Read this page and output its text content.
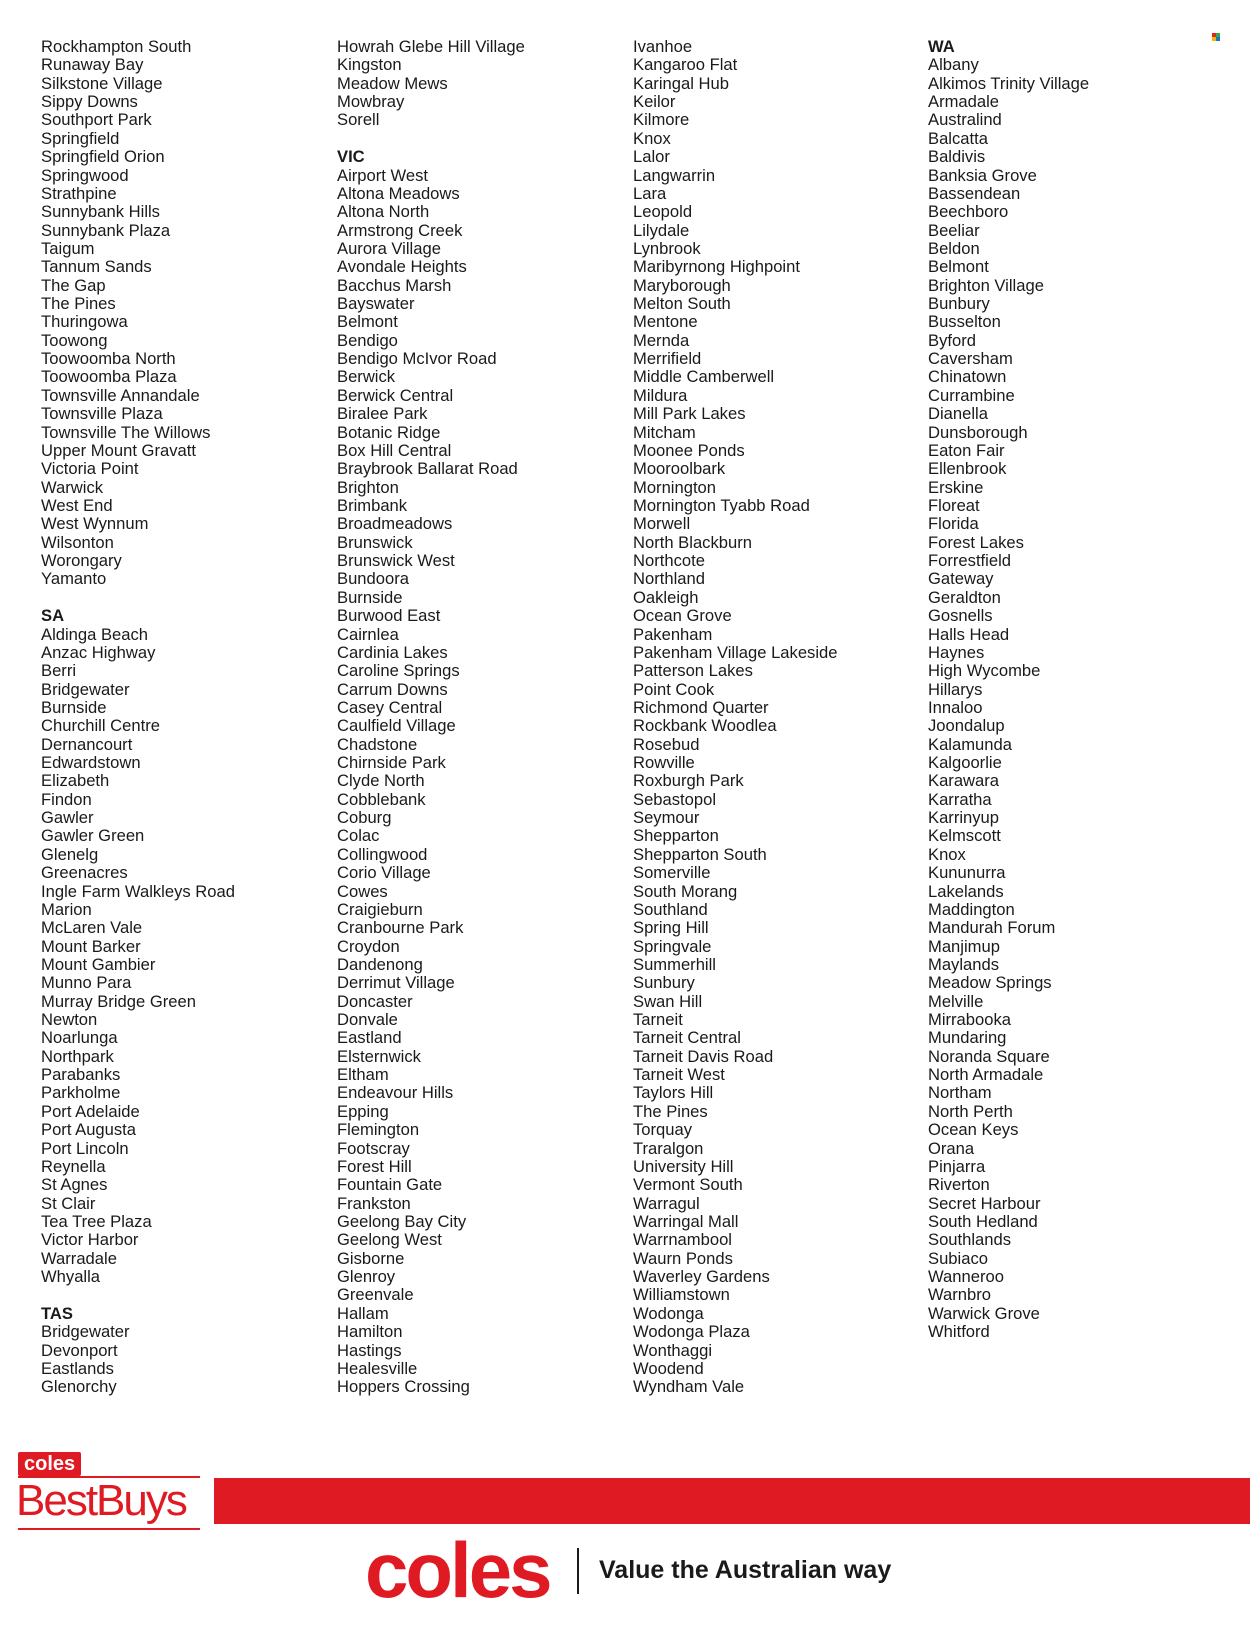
Rockhampton South
Runaway Bay
Silkstone Village
Sippy Downs
Southport Park
Springfield
Springfield Orion
Springwood
Strathpine
Sunnybank Hills
Sunnybank Plaza
Taigum
Tannum Sands
The Gap
The Pines
Thuringowa
Toowong
Toowoomba North
Toowoomba Plaza
Townsville Annandale
Townsville Plaza
Townsville The Willows
Upper Mount Gravatt
Victoria Point
Warwick
West End
West Wynnum
Wilsonton
Worongary
Yamanto
SA
Aldinga Beach
Anzac Highway
Berri
Bridgewater
Burnside
Churchill Centre
Dernancourt
Edwardstown
Elizabeth
Findon
Gawler
Gawler Green
Glenelg
Greenacres
Ingle Farm Walkleys Road
Marion
McLaren Vale
Mount Barker
Mount Gambier
Munno Para
Murray Bridge Green
Newton
Noarlunga
Northpark
Parabanks
Parkholme
Port Adelaide
Port Augusta
Port Lincoln
Reynella
St Agnes
St Clair
Tea Tree Plaza
Victor Harbor
Warradale
Whyalla
TAS
Bridgewater
Devonport
Eastlands
Glenorchy
Howrah Glebe Hill Village
Kingston
Meadow Mews
Mowbray
Sorell
VIC
Airport West
Altona Meadows
Altona North
Armstrong Creek
Aurora Village
Avondale Heights
Bacchus Marsh
Bayswater
Belmont
Bendigo
Bendigo McIvor Road
Berwick
Berwick Central
Biralee Park
Botanic Ridge
Box Hill Central
Braybrook Ballarat Road
Brighton
Brimbank
Broadmeadows
Brunswick
Brunswick West
Bundoora
Burnside
Burwood East
Cairnlea
Cardinia Lakes
Caroline Springs
Carrum Downs
Casey Central
Caulfield Village
Chadstone
Chirnside Park
Clyde North
Cobblebank
Coburg
Colac
Collingwood
Corio Village
Cowes
Craigieburn
Cranbourne Park
Croydon
Dandenong
Derrimut Village
Doncaster
Donvale
Eastland
Elsternwick
Eltham
Endeavour Hills
Epping
Flemington
Footscray
Forest Hill
Fountain Gate
Frankston
Geelong Bay City
Geelong West
Gisborne
Glenroy
Greenvale
Hallam
Hamilton
Hastings
Healesville
Hoppers Crossing
Ivanhoe
Kangaroo Flat
Karingal Hub
Keilor
Kilmore
Knox
Lalor
Langwarrin
Lara
Leopold
Lilydale
Lynbrook
Maribyrnong Highpoint
Maryborough
Melton South
Mentone
Mernda
Merrifield
Middle Camberwell
Mildura
Mill Park Lakes
Mitcham
Moonee Ponds
Mooroolbark
Mornington
Mornington Tyabb Road
Morwell
North Blackburn
Northcote
Northland
Oakleigh
Ocean Grove
Pakenham
Pakenham Village Lakeside
Patterson Lakes
Point Cook
Richmond Quarter
Rockbank Woodlea
Rosebud
Rowville
Roxburgh Park
Sebastopol
Seymour
Shepparton
Shepparton South
Somerville
South Morang
Southland
Spring Hill
Springvale
Summerhill
Sunbury
Swan Hill
Tarneit
Tarneit Central
Tarneit Davis Road
Tarneit West
Taylors Hill
The Pines
Torquay
Traralgon
University Hill
Vermont South
Warragul
Warringal Mall
Warrnambool
Waurn Ponds
Waverley Gardens
Williamstown
Wodonga
Wodonga Plaza
Wonthaggi
Woodend
Wyndham Vale
WA
Albany
Alkimos Trinity Village
Armadale
Australind
Balcatta
Baldivis
Banksia Grove
Bassendean
Beechboro
Beeliar
Beldon
Belmont
Brighton Village
Bunbury
Busselton
Byford
Caversham
Chinatown
Currambine
Dianella
Dunsborough
Eaton Fair
Ellenbrook
Erskine
Floreat
Florida
Forest Lakes
Forrestfield
Gateway
Geraldton
Gosnells
Halls Head
Haynes
High Wycombe
Hillarys
Innaloo
Joondalup
Kalamunda
Kalgoorlie
Karawara
Karratha
Karrinyup
Kelmscott
Knox
Kununurra
Lakelands
Maddington
Mandurah Forum
Manjimup
Maylands
Meadow Springs
Melville
Mirrabooka
Mundaring
Noranda Square
North Armadale
Northam
North Perth
Ocean Keys
Orana
Pinjarra
Riverton
Secret Harbour
South Hedland
Southlands
Subiaco
Wanneroo
Warnbro
Warwick Grove
Whitford
coles
BestBuys
coles Value the Australian way
